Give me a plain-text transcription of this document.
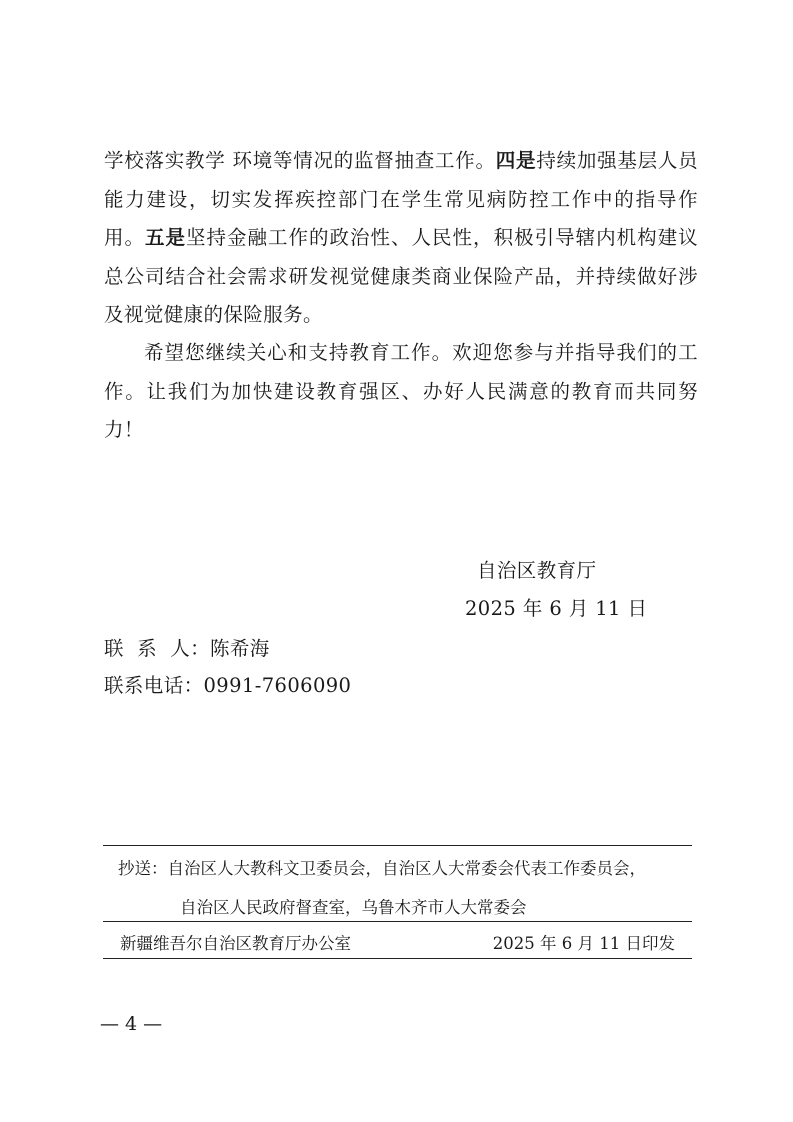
学校落实教学 环境等情况的监督抽查工作。四是持续加强基层人员能力建设，切实发挥疾控部门在学生常见病防控工作中的指导作用。五是坚持金融工作的政治性、人民性，积极引导辖内机构建议总公司结合社会需求研发视觉健康类商业保险产品，并持续做好涉及视觉健康的保险服务。

希望您继续关心和支持教育工作。欢迎您参与并指导我们的工作。让我们为加快建设教育强区、办好人民满意的教育而共同努力！

自治区教育厅
2025 年 6 月 11 日
联  系  人：陈希海
联系电话：0991-7606090
抄送：自治区人大教科文卫委员会，自治区人大常委会代表工作委员会，
自治区人民政府督查室，乌鲁木齐市人大常委会
新疆维吾尔自治区教育厅办公室	2025 年 6 月 11 日印发
— 4 —
